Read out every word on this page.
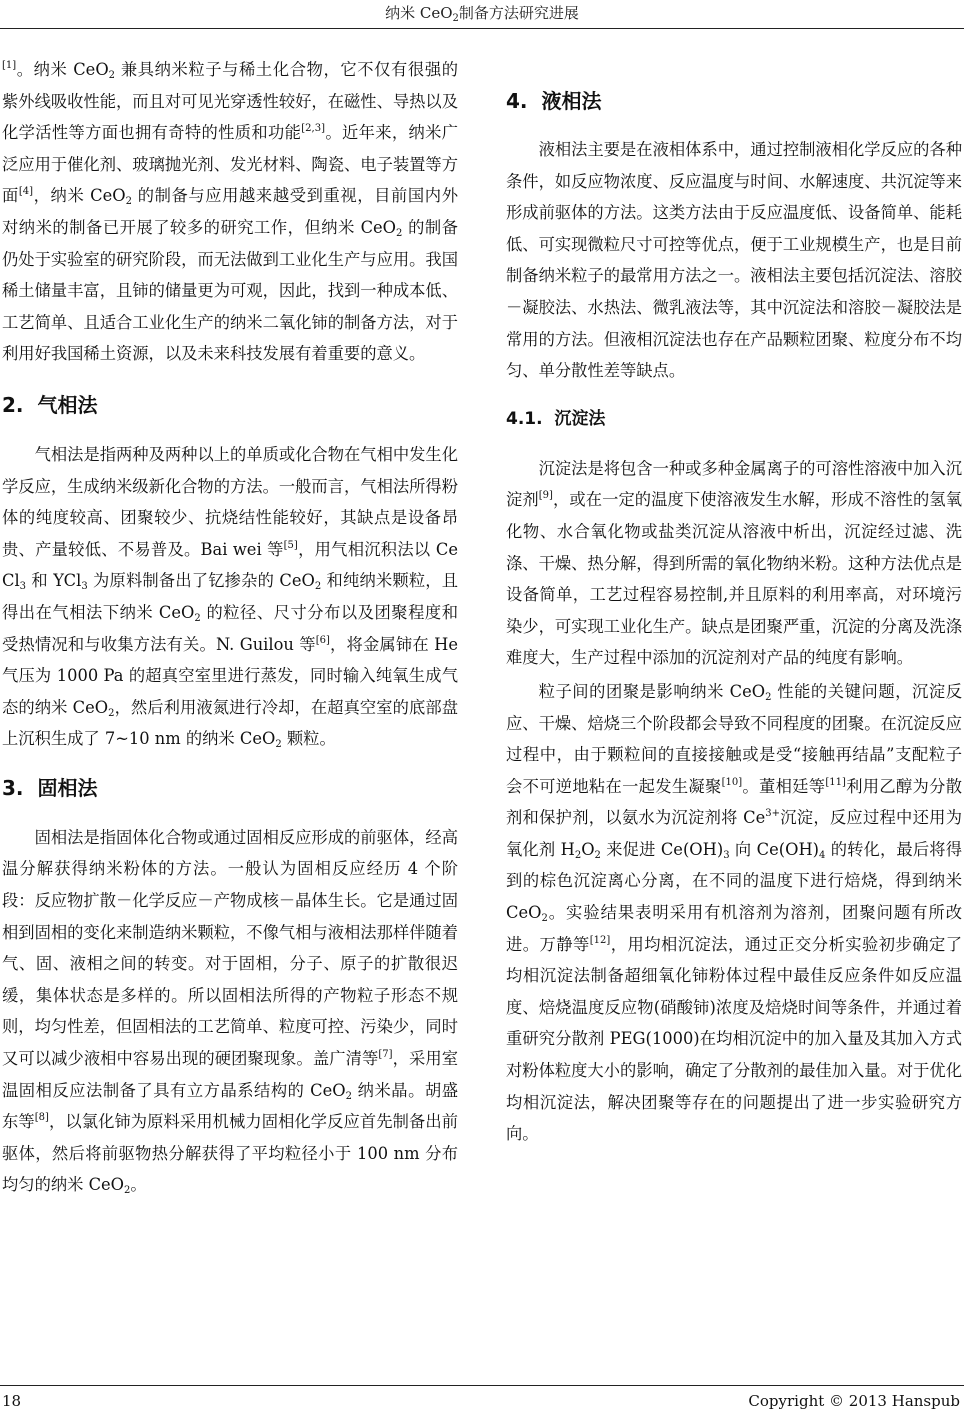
纳米 CeO$_2$制备方法研究进展

[1]。纳米 CeO$_2$ 兼具纳米粒子与稀土化合物，它不仅有很强的紫外线吸收性能，而且对可见光穿透性较好，在磁性、导热以及化学活性等方面也拥有奇特的性质和功能[2,3]。近年来，纳米广泛应用于催化剂、玻璃抛光剂、发光材料、陶瓷、电子装置等方面[4]，纳米 CeO$_2$ 的制备与应用越来越受到重视，目前国内外对纳米的制备已开展了较多的研究工作，但纳米 CeO$_2$ 的制备仍处于实验室的研究阶段，而无法做到工业化生产与应用。我国稀土储量丰富，且铈的储量更为可观，因此，找到一种成本低、工艺简单、且适合工业化生产的纳米二氧化铈的制备方法，对于利用好我国稀土资源，以及未来科技发展有着重要的意义。

2. 气相法

气相法是指两种及两种以上的单质或化合物在气相中发生化学反应，生成纳米级新化合物的方法。一般而言，气相法所得粉体的纯度较高、团聚较少、抗烧结性能较好，其缺点是设备昂贵、产量较低、不易普及。Bai wei 等[5]，用气相沉积法以 CeCl$_3$ 和 YCl$_3$ 为原料制备出了钇掺杂的 CeO$_2$ 和纯纳米颗粒，且得出在气相法下纳米 CeO$_2$ 的粒径、尺寸分布以及团聚程度和受热情况和与收集方法有关。N. Guilou 等[6]，将金属铈在 He 气压为 1000 Pa 的超真空室里进行蒸发，同时输入纯氧生成气态的纳米 CeO$_2$，然后利用液氮进行冷却，在超真空室的底部盘上沉积生成了 7~10 nm 的纳米 CeO$_2$ 颗粒。

3. 固相法

固相法是指固体化合物或通过固相反应形成的前驱体，经高温分解获得纳米粉体的方法。一般认为固相反应经历 4 个阶段：反应物扩散－化学反应－产物成核－晶体生长。它是通过固相到固相的变化来制造纳米颗粒，不像气相与液相法那样伴随着气、固、液相之间的转变。对于固相，分子、原子的扩散很迟缓，集体状态是多样的。所以固相法所得的产物粒子形态不规则，均匀性差，但固相法的工艺简单、粒度可控、污染少，同时又可以减少液相中容易出现的硬团聚现象。盖广清等[7]，采用室温固相反应法制备了具有立方晶系结构的 CeO$_2$ 纳米晶。胡盛东等[8]，以氯化铈为原料采用机械力固相化学反应首先制备出前驱体，然后将前驱物热分解获得了平均粒径小于 100 nm 分布均匀的纳米 CeO$_2$。

4. 液相法

液相法主要是在液相体系中，通过控制液相化学反应的各种条件，如反应物浓度、反应温度与时间、水解速度、共沉淀等来形成前驱体的方法。这类方法由于反应温度低、设备简单、能耗低、可实现微粒尺寸可控等优点，便于工业规模生产，也是目前制备纳米粒子的最常用方法之一。液相法主要包括沉淀法、溶胶－凝胶法、水热法、微乳液法等，其中沉淀法和溶胶－凝胶法是常用的方法。但液相沉淀法也存在产品颗粒团聚、粒度分布不均匀、单分散性差等缺点。

4.1. 沉淀法

沉淀法是将包含一种或多种金属离子的可溶性溶液中加入沉淀剂[9]，或在一定的温度下使溶液发生水解，形成不溶性的氢氧化物、水合氧化物或盐类沉淀从溶液中析出，沉淀经过滤、洗涤、干燥、热分解，得到所需的氧化物纳米粉。这种方法优点是设备简单，工艺过程容易控制,并且原料的利用率高，对环境污染少，可实现工业化生产。缺点是团聚严重，沉淀的分离及洗涤难度大，生产过程中添加的沉淀剂对产品的纯度有影响。

粒子间的团聚是影响纳米 CeO$_2$ 性能的关键问题，沉淀反应、干燥、焙烧三个阶段都会导致不同程度的团聚。在沉淀反应过程中，由于颗粒间的直接接触或是受“接触再结晶”支配粒子会不可逆地粘在一起发生凝聚[10]。董相廷等[11]利用乙醇为分散剂和保护剂，以氨水为沉淀剂将 $Ce^{3+}$沉淀，反应过程中还用为氧化剂 $H_2O_2$ 来促进 $Ce(OH)_3$ 向 $Ce(OH)_4$ 的转化，最后将得到的棕色沉淀离心分离，在不同的温度下进行焙烧，得到纳米 CeO$_2$。实验结果表明采用有机溶剂为溶剂，团聚问题有所改进。万静等[12]，用均相沉淀法，通过正交分析实验初步确定了均相沉淀法制备超细氧化铈粉体过程中最佳反应条件如反应温度、焙烧温度反应物(硝酸铈)浓度及焙烧时间等条件，并通过着重研究分散剂 PEG(1000)在均相沉淀中的加入量及其加入方式对粉体粒度大小的影响，确定了分散剂的最佳加入量。对于优化均相沉淀法，解决团聚等存在的问题提出了进一步实验研究方向。

18	Copyright © 2013 Hanspub
